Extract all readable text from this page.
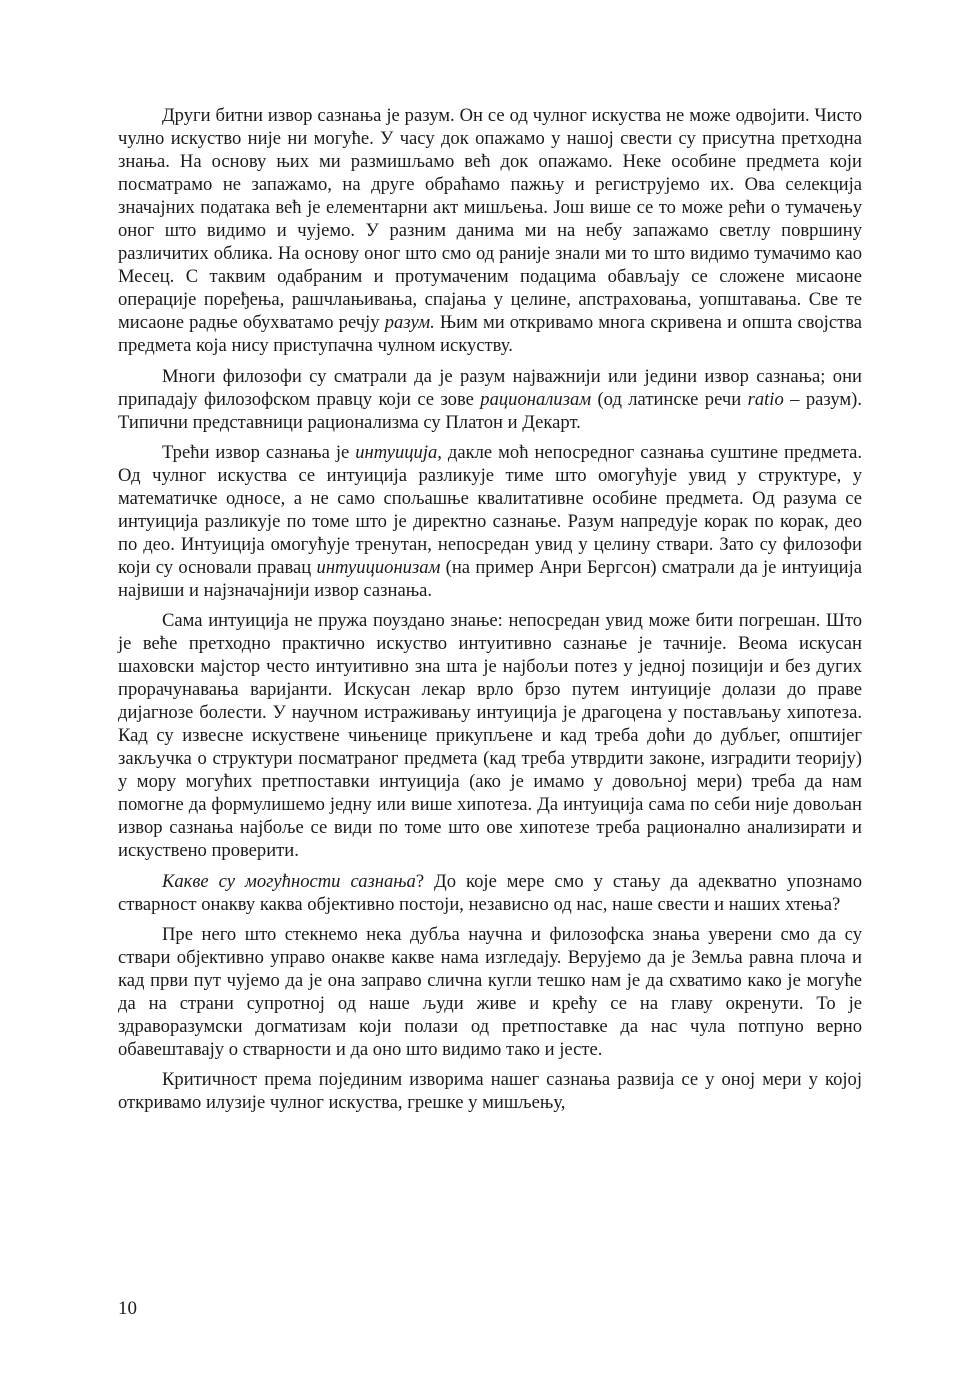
Други битни извор сазнања је разум. Он се од чулног искуства не може одвојити. Чисто чулно искуство није ни могуће. У часу док опажамо у нашој свести су присутна претходна знања. На основу њих ми размишљамо већ док опажамо. Неке особине предмета који посматрамо не запажамо, на друге обраћамо пажњу и региструјемо их. Ова селекција значајних података већ је елементарни акт мишљења. Још више се то може рећи о тумачењу оног што видимо и чујемо. У разним данима ми на небу запажамо светлу површину различитих облика. На основу оног што смо од раније знали ми то што видимо тумачимо као Месец. С таквим одабраним и протумаченим подацима обављају се сложене мисаоне операције поређења, рашчлањивања, спајања у целине, апстраховања, уопштавања. Све те мисаоне радње обухватамо речју разум. Њим ми откривамо многа скривена и општа својства предмета која нису приступачна чулном искуству.

Многи филозофи су сматрали да је разум најважнији или једини извор сазнања; они припадају филозофском правцу који се зове рационализам (од латинске речи ratio – разум). Типични представници рационализма су Платон и Декарт.

Трећи извор сазнања је интуиција, дакле моћ непосредног сазнања суштине предмета. Од чулног искуства се интуиција разликује тиме што омогућује увид у структуре, у математичке односе, а не само спољашње квалитативне особине предмета. Од разума се интуиција разликује по томе што је директно сазнање. Разум напредује корак по корак, део по део. Интуиција омогућује тренутан, непосредан увид у целину ствари. Зато су филозофи који су основали правац интуиционизам (на пример Анри Бергсон) сматрали да је интуиција највиши и најзначајнији извор сазнања.

Сама интуиција не пружа поуздано знање: непосредан увид може бити погрешан. Што је веће претходно практично искуство интуитивно сазнање је тачније. Веома искусан шаховски мајстор често интуитивно зна шта је најбољи потез у једној позицији и без дугих прорачунавања варијанти. Искусан лекар врло брзо путем интуиције долази до праве дијагнозе болести. У научном истраживању интуиција је драгоцена у постављању хипотеза. Кад су извесне искуствене чињенице прикупљене и кад треба доћи до дубљег, општијег закључка о структури посматраног предмета (кад треба утврдити законе, изградити теорију) у мору могућих претпоставки интуиција (ако је имамо у довољној мери) треба да нам помогне да формулишемо једну или више хипотеза. Да интуиција сама по себи није довољан извор сазнања најбоље се види по томе што ове хипотезе треба рационално анализирати и искуствено проверити.

Какве су могућности сазнања? До које мере смо у стању да адекватно упознамо стварност онакву каква објективно постоји, независно од нас, наше свести и наших хтења?

Пре него што стекнемо нека дубља научна и филозофска знања уверени смо да су ствари објективно управо онакве какве нама изгледају. Верујемо да је Земља равна плоча и кад први пут чујемо да је она заправо слична кугли тешко нам је да схватимо како је могуће да на страни супротној од наше људи живе и крећу се на главу окренути. То је здраворазумски догматизам који полази од претпоставке да нас чула потпуно верно обавештавају о стварности и да оно што видимо тако и јесте.

Критичност према појединим изворима нашег сазнања развија се у оној мери у којој откривамо илузије чулног искуства, грешке у мишљењу,

10
